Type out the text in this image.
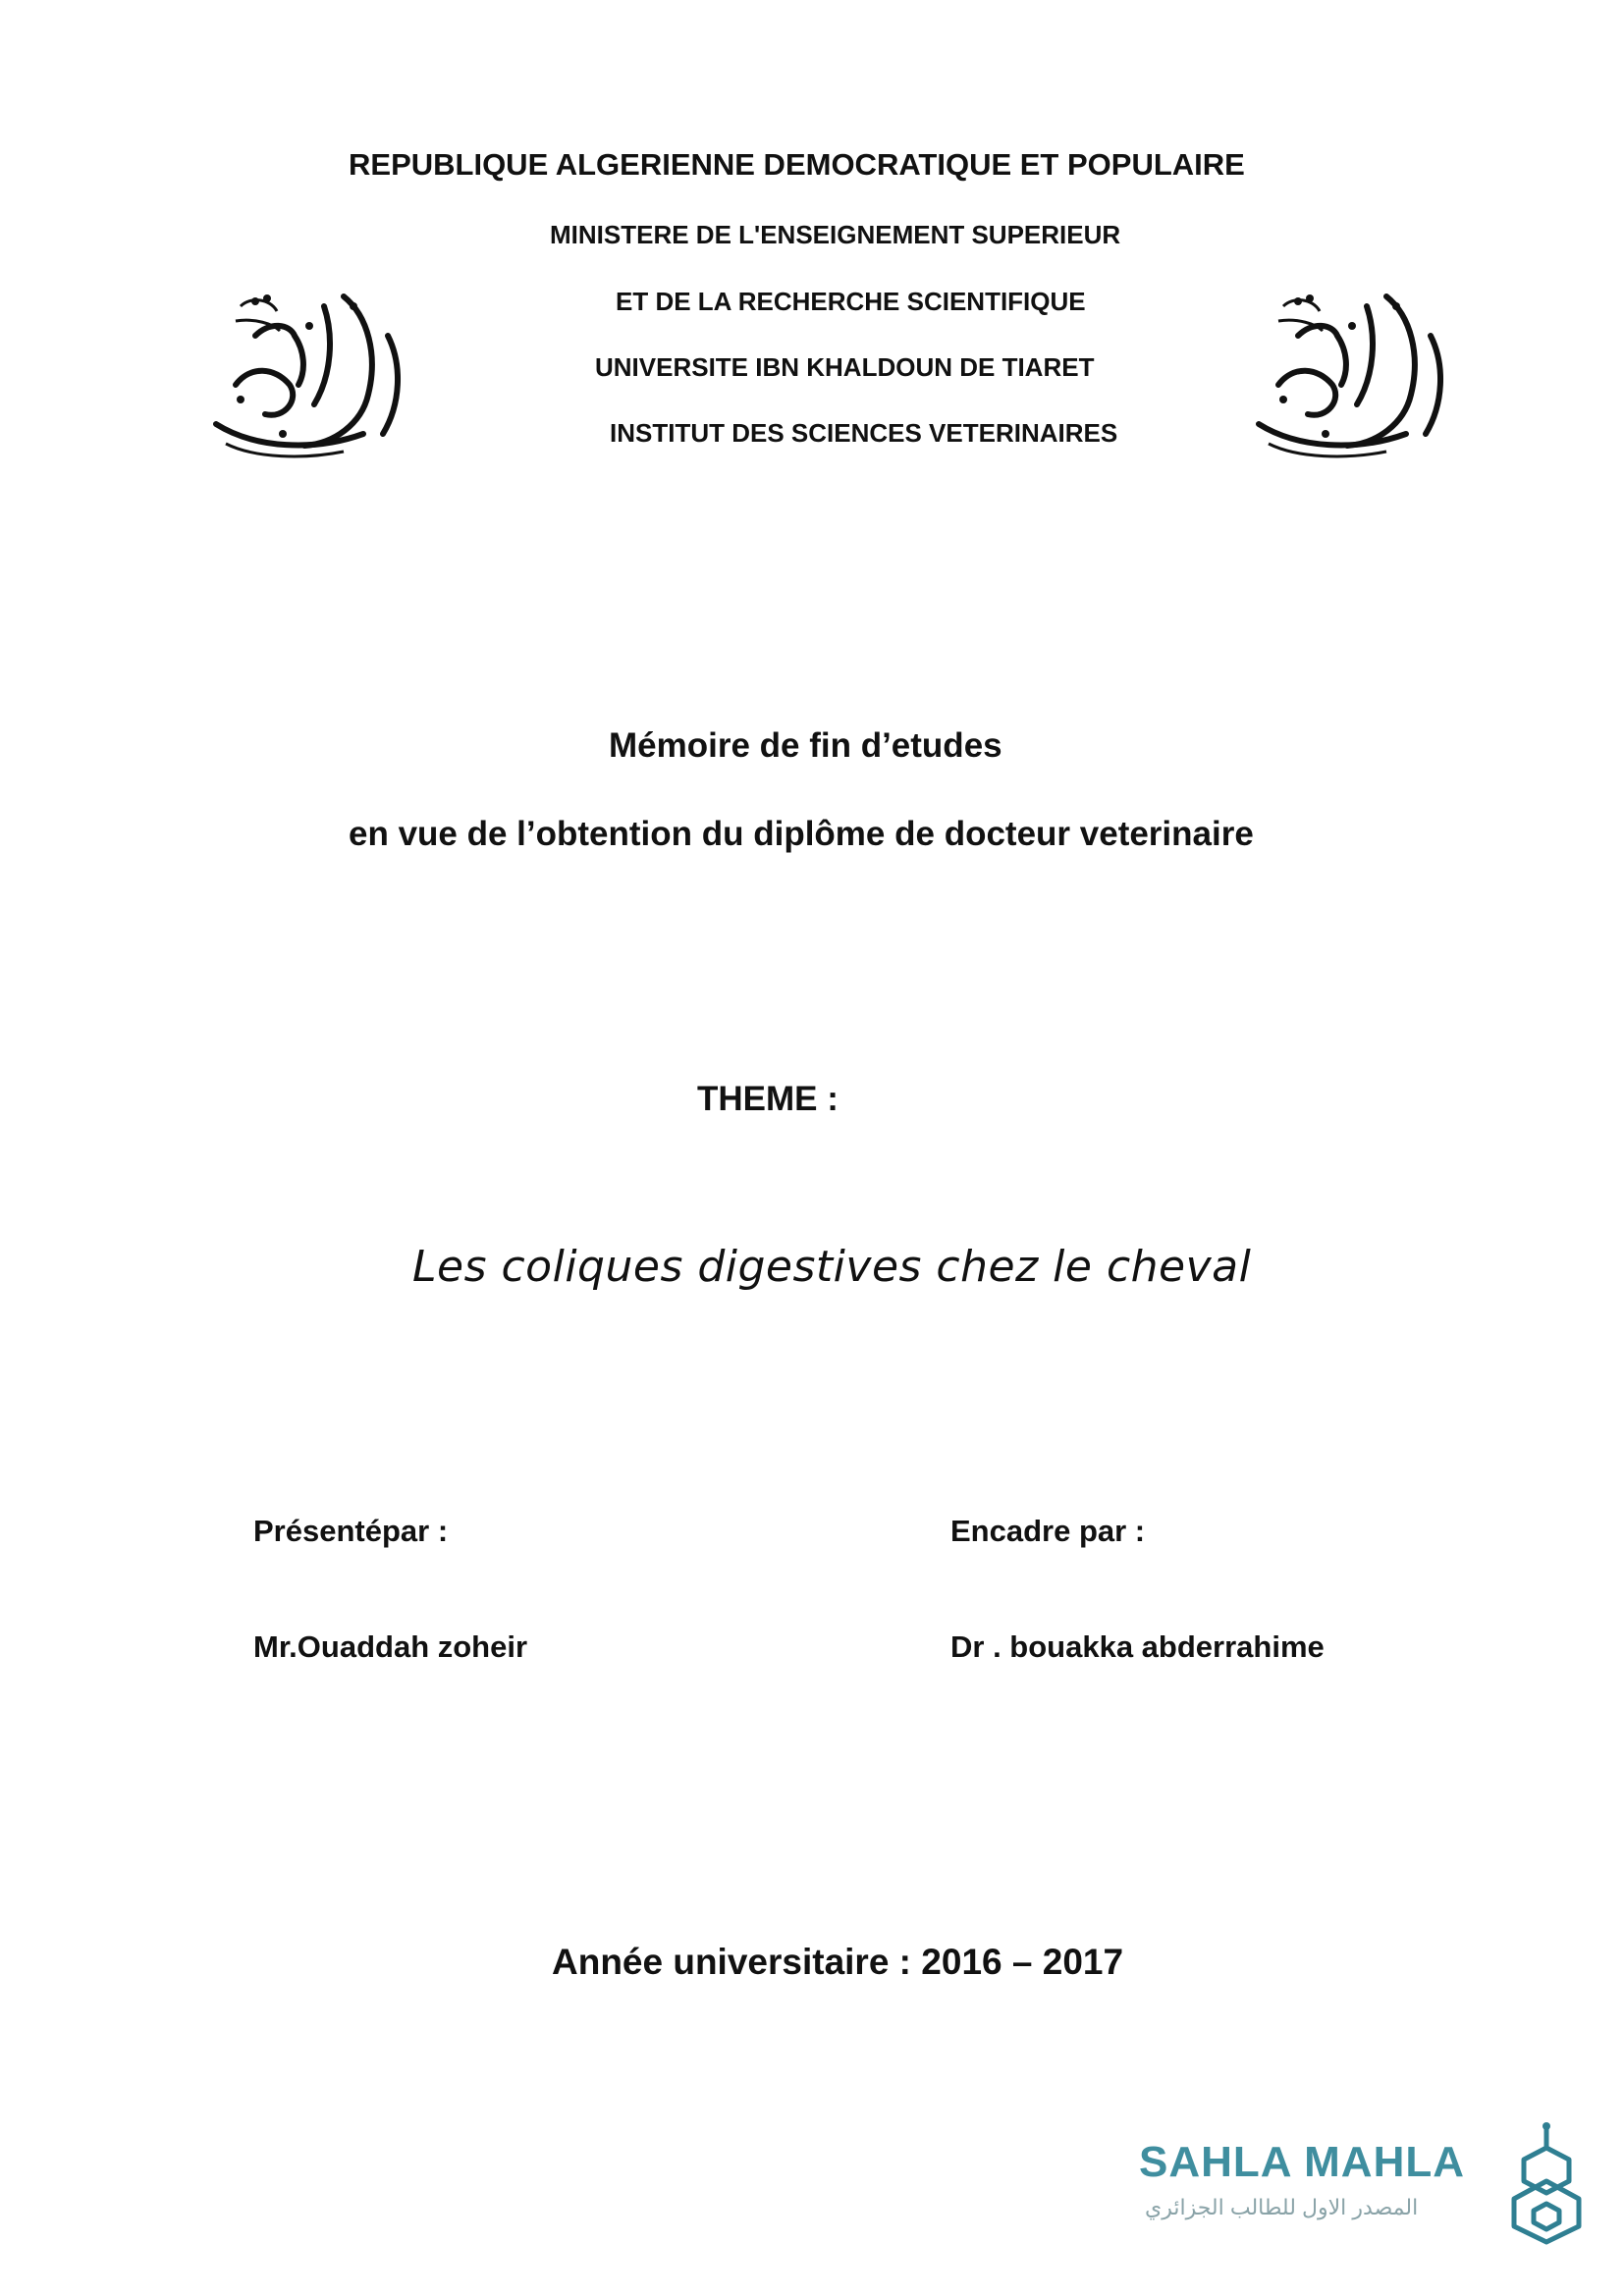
REPUBLIQUE ALGERIENNE DEMOCRATIQUE ET POPULAIRE
MINISTERE DE L'ENSEIGNEMENT SUPERIEUR
ET DE LA RECHERCHE SCIENTIFIQUE
UNIVERSITE IBN KHALDOUN DE TIARET
INSTITUT DES SCIENCES VETERINAIRES
Mémoire de fin d’etudes
en vue de l’obtention du diplôme de docteur veterinaire
THEME :
Les coliques digestives chez le cheval
Présentépar :
Mr.Ouaddah zoheir
Encadre par :
Dr . bouakka abderrahime
Année universitaire : 2016 – 2017
SAHLA MAHLA
المصدر الاول للطالب الجزائري
